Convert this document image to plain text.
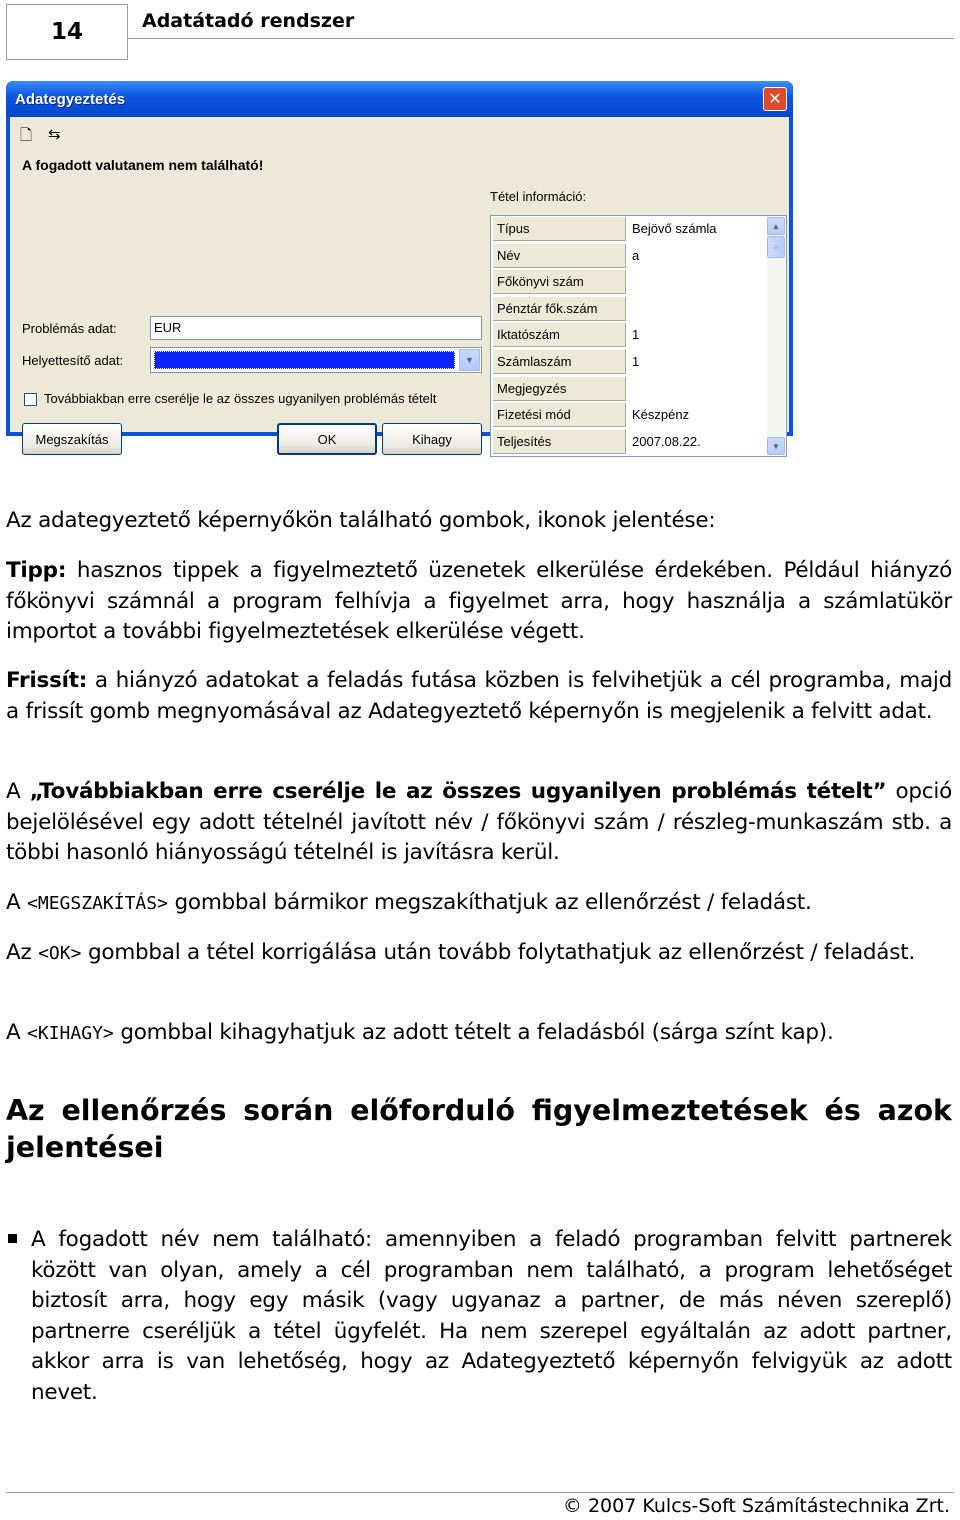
14	Adatátadó rendszer
Adategyeztetés	✕
🗋 ⇆
A fogadott valutanem nem található!
Problémás adat:	EUR
Helyettesítő adat:	▼
Továbbiakban erre cserélje le az összes ugyanilyen problémás tételt
Megszakítás	OK	Kihagy
Tétel információ:
Típus	Bejövő számla
Név	a
Főkönyvi szám
Pénztár fők.szám
Iktatószám	1
Számlaszám	1
Megjegyzés
Fizetési mód	Készpénz
Teljesítés	2007.08.22.
▲
≡
▼
Az adategyeztető képernyőkön található gombok, ikonok jelentése:
Tipp: hasznos tippek a figyelmeztető üzenetek elkerülése érdekében. Például hiányzó főkönyvi számnál a program felhívja a figyelmet arra, hogy használja a számlatükör importot a további figyelmeztetések elkerülése végett.
Frissít: a hiányzó adatokat a feladás futása közben is felvihetjük a cél programba, majd a frissít gomb megnyomásával az Adategyeztető képernyőn is megjelenik a felvitt adat.
A „Továbbiakban erre cserélje le az összes ugyanilyen problémás tételt” opció bejelölésével egy adott tételnél javított név / főkönyvi szám / részleg-munkaszám stb. a többi hasonló hiányosságú tételnél is javításra kerül.
A <MEGSZAKÍTÁS> gombbal bármikor megszakíthatjuk az ellenőrzést / feladást.
Az <OK> gombbal a tétel korrigálása után tovább folytathatjuk az ellenőrzést / feladást.
A <KIHAGY> gombbal kihagyhatjuk az adott tételt a feladásból (sárga színt kap).
Az ellenőrzés során előforduló figyelmeztetések és azok jelentései
A fogadott név nem található: amennyiben a feladó programban felvitt partnerek között van olyan, amely a cél programban nem található, a program lehetőséget biztosít arra, hogy egy másik (vagy ugyanaz a partner, de más néven szereplő) partnerre cseréljük a tétel ügyfelét. Ha nem szerepel egyáltalán az adott partner, akkor arra is van lehetőség, hogy az Adategyeztető képernyőn felvigyük az adott nevet.
© 2007 Kulcs-Soft Számítástechnika Zrt.
